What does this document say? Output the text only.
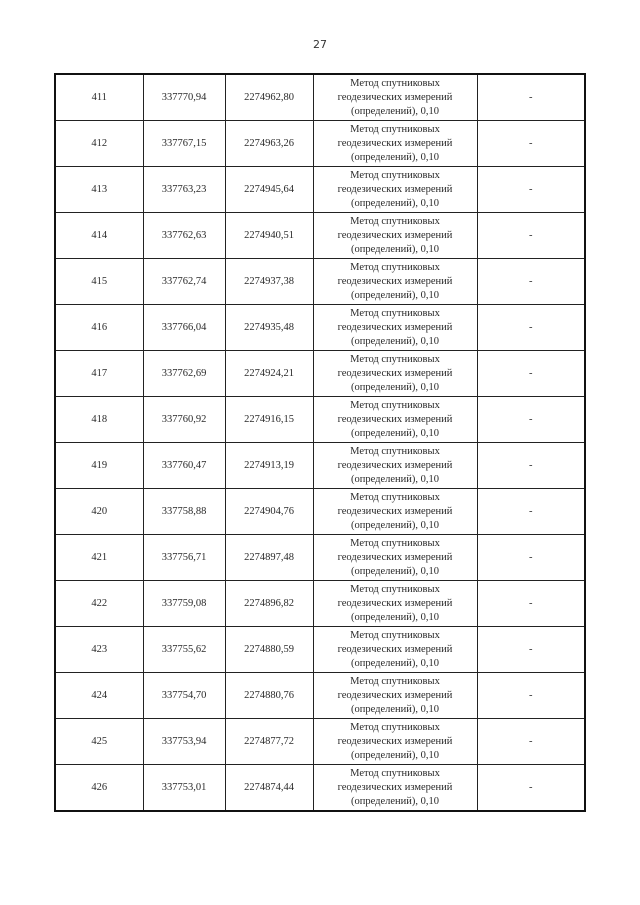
27
411	337770,94	2274962,80	Метод спутниковых
геодезических измерений
(определений), 0,10	-
412	337767,15	2274963,26	Метод спутниковых
геодезических измерений
(определений), 0,10	-
413	337763,23	2274945,64	Метод спутниковых
геодезических измерений
(определений), 0,10	-
414	337762,63	2274940,51	Метод спутниковых
геодезических измерений
(определений), 0,10	-
415	337762,74	2274937,38	Метод спутниковых
геодезических измерений
(определений), 0,10	-
416	337766,04	2274935,48	Метод спутниковых
геодезических измерений
(определений), 0,10	-
417	337762,69	2274924,21	Метод спутниковых
геодезических измерений
(определений), 0,10	-
418	337760,92	2274916,15	Метод спутниковых
геодезических измерений
(определений), 0,10	-
419	337760,47	2274913,19	Метод спутниковых
геодезических измерений
(определений), 0,10	-
420	337758,88	2274904,76	Метод спутниковых
геодезических измерений
(определений), 0,10	-
421	337756,71	2274897,48	Метод спутниковых
геодезических измерений
(определений), 0,10	-
422	337759,08	2274896,82	Метод спутниковых
геодезических измерений
(определений), 0,10	-
423	337755,62	2274880,59	Метод спутниковых
геодезических измерений
(определений), 0,10	-
424	337754,70	2274880,76	Метод спутниковых
геодезических измерений
(определений), 0,10	-
425	337753,94	2274877,72	Метод спутниковых
геодезических измерений
(определений), 0,10	-
426	337753,01	2274874,44	Метод спутниковых
геодезических измерений
(определений), 0,10	-
